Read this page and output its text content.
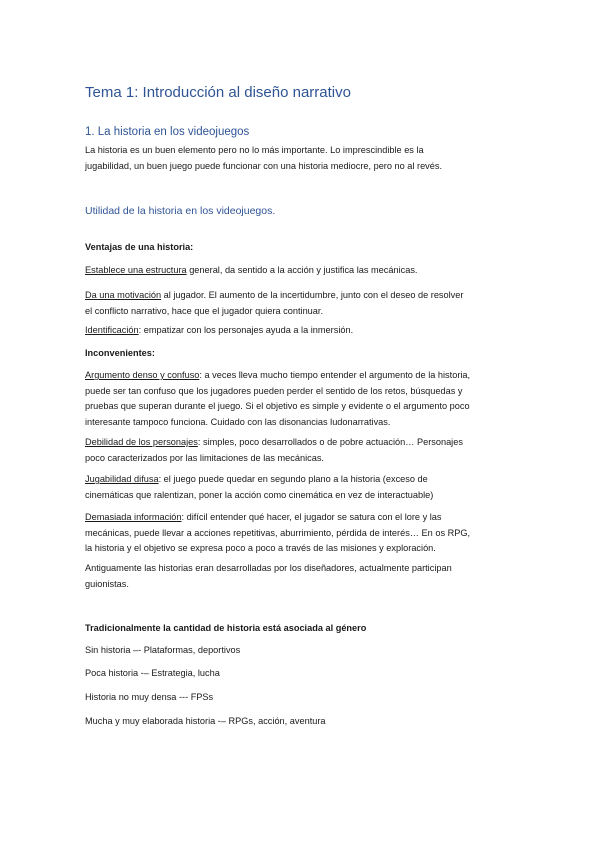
Tema 1: Introducción al diseño narrativo
1. La historia en los videojuegos
La historia es un buen elemento pero no lo más importante. Lo imprescindible es la
jugabilidad, un buen juego puede funcionar con una historia mediocre, pero no al revés.
Utilidad de la historia en los videojuegos.
Ventajas de una historia:
Establece una estructura general, da sentido a la acción y justifica las mecánicas.
Da una motivación al jugador. El aumento de la incertidumbre, junto con el deseo de resolver
el conflicto narrativo, hace que el jugador quiera continuar.
Identificación: empatizar con los personajes ayuda a la inmersión.
Inconvenientes:
Argumento denso y confuso: a veces lleva mucho tiempo entender el argumento de la historia,
puede ser tan confuso que los jugadores pueden perder el sentido de los retos, búsquedas y
pruebas que superan durante el juego. Si el objetivo es simple y evidente o el argumento poco
interesante tampoco funciona. Cuidado con las disonancias ludonarrativas.
Debilidad de los personajes: simples, poco desarrollados o de pobre actuación… Personajes
poco caracterizados por las limitaciones de las mecánicas.
Jugabilidad difusa: el juego puede quedar en segundo plano a la historia (exceso de
cinemáticas que ralentizan, poner la acción como cinemática en vez de interactuable)
Demasiada información: difícil entender qué hacer, el jugador se satura con el lore y las
mecánicas, puede llevar a acciones repetitivas, aburrimiento, pérdida de interés… En os RPG,
la historia y el objetivo se expresa poco a poco a través de las misiones y exploración.
Antiguamente las historias eran desarrolladas por los diseñadores, actualmente participan
guionistas.
Tradicionalmente la cantidad de historia está asociada al género
Sin historia –- Plataformas, deportivos
Poca historia -– Estrategia, lucha
Historia no muy densa --- FPSs
Mucha y muy elaborada historia -– RPGs, acción, aventura
